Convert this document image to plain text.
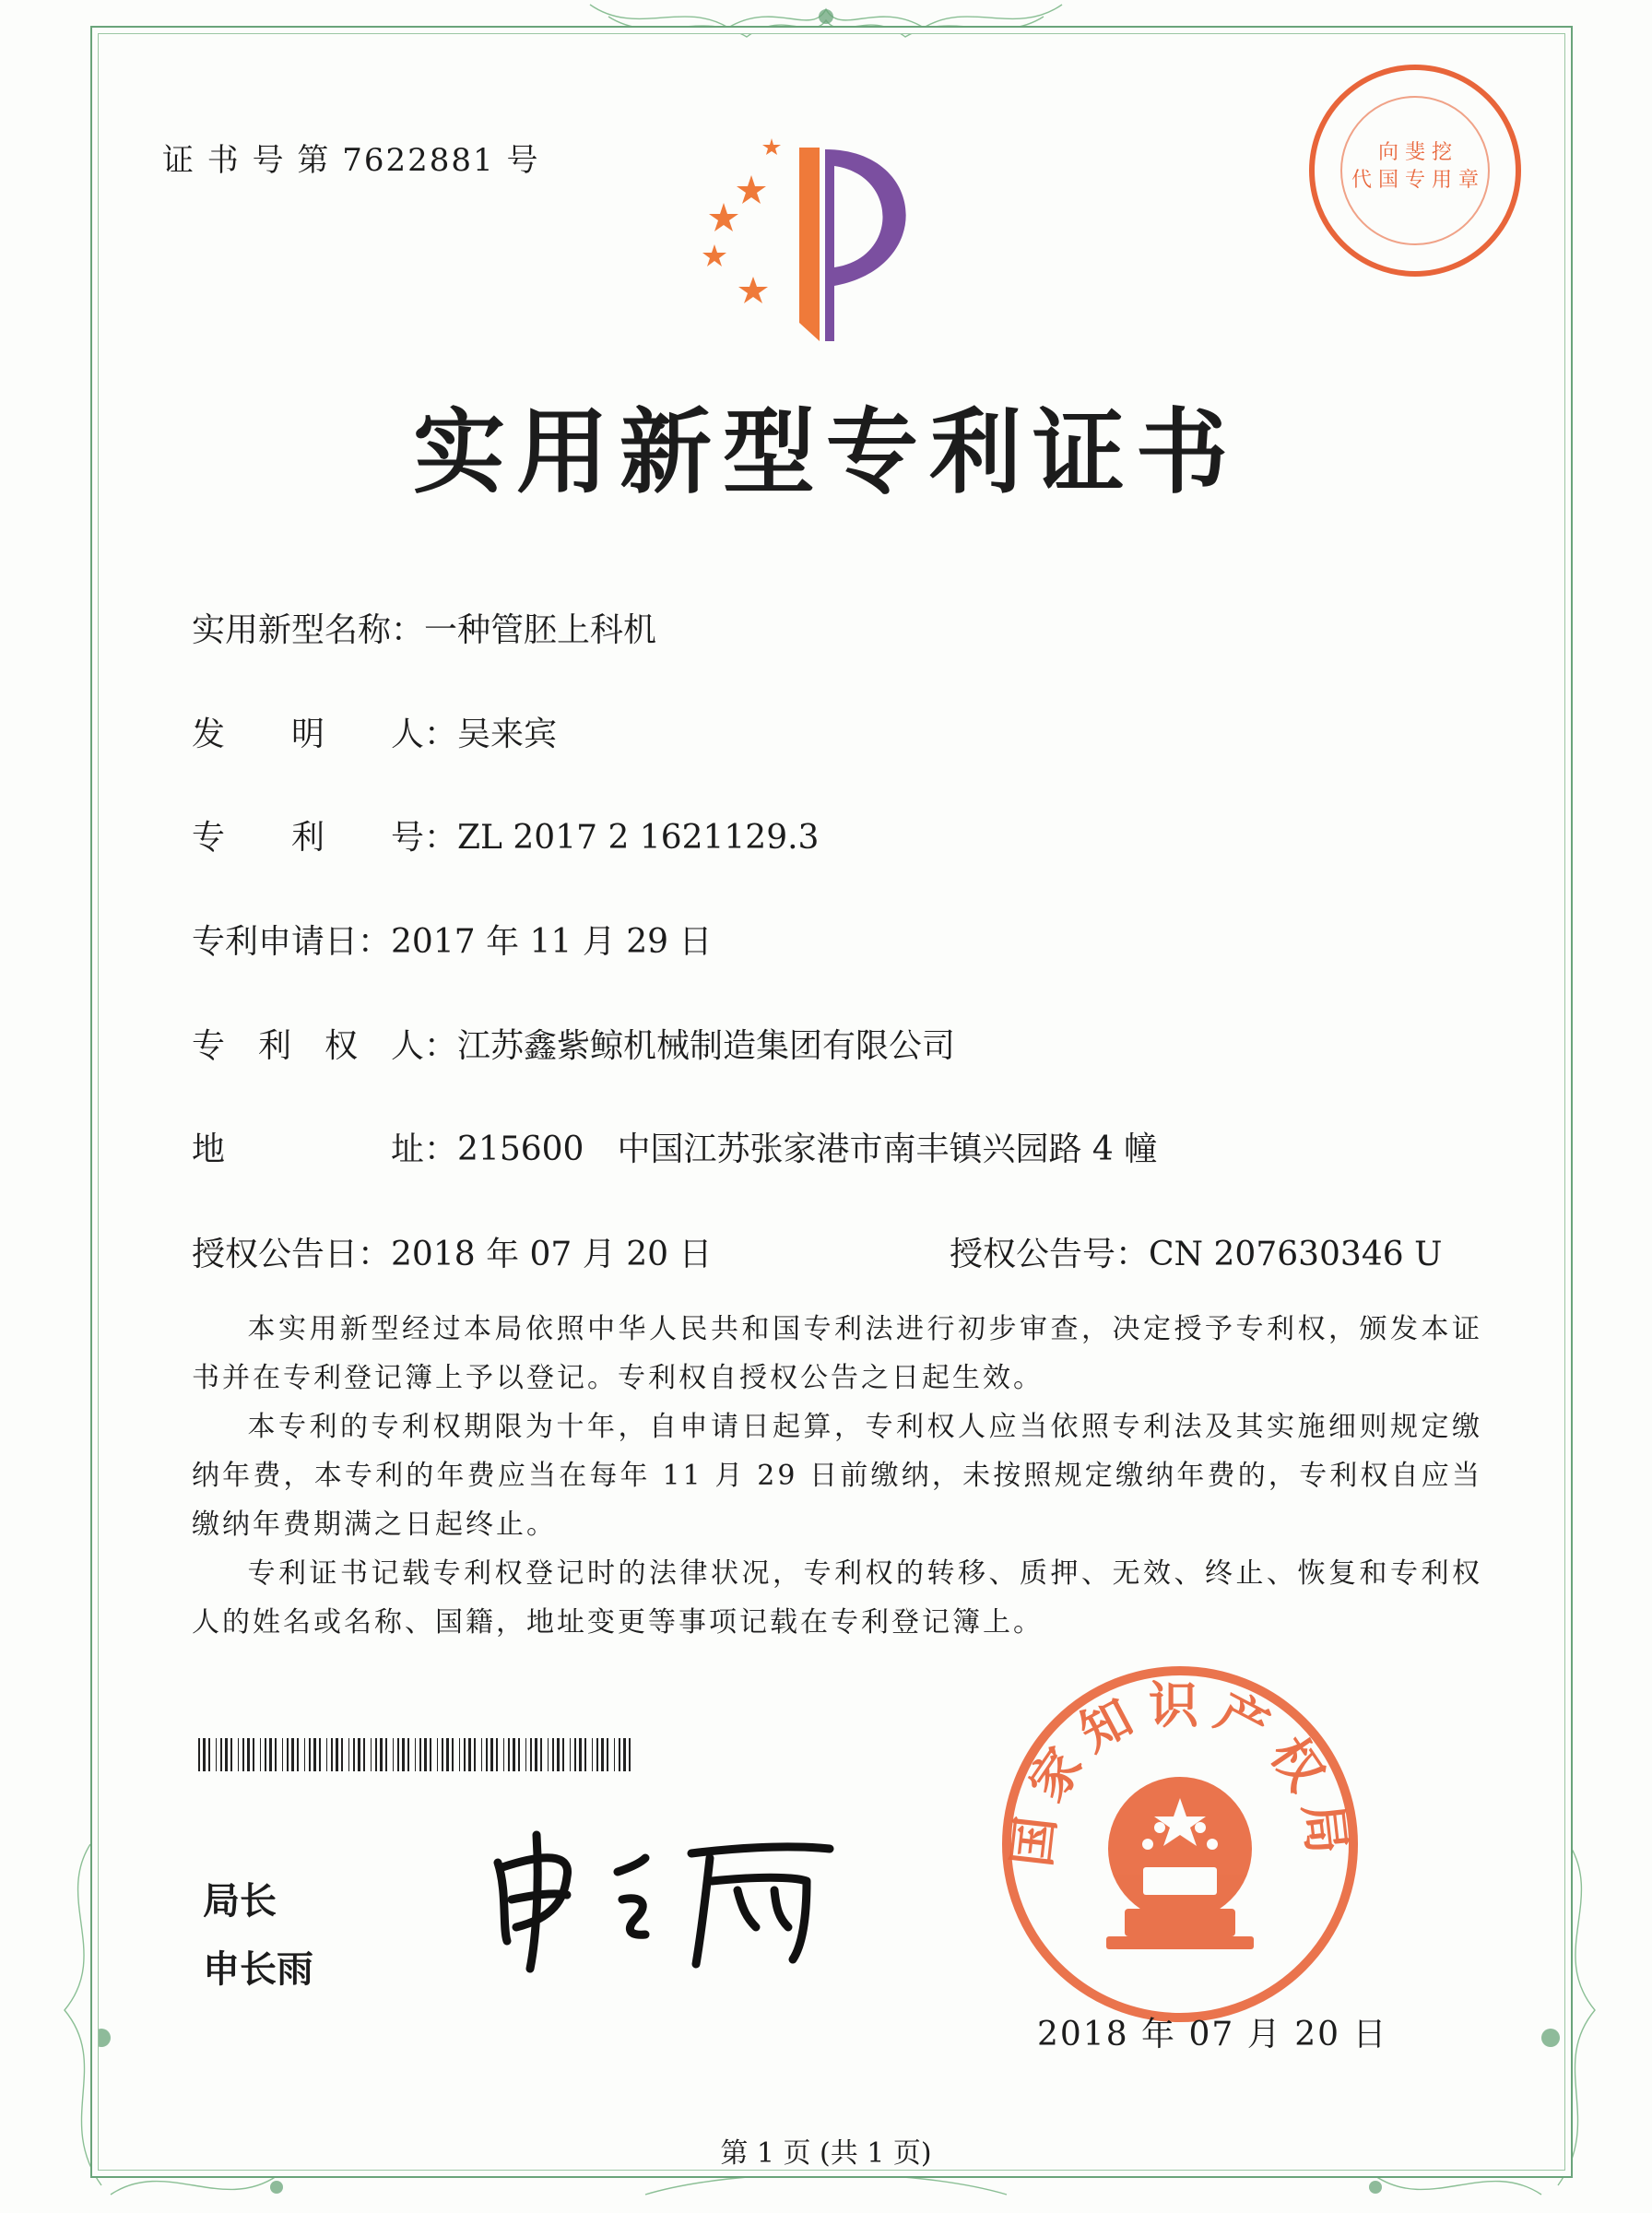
证 书 号 第 7622881 号	向 斐 挖
代 国 专 用 章
实用新型专利证书
实用新型名称：一种管胚上科机
发　　明　　人：吴来宾
专　　利　　号：ZL 2017 2 1621129.3
专利申请日：2017 年 11 月 29 日
专　利　权　人：江苏鑫紫鲸机械制造集团有限公司
地　　　　　址：215600　中国江苏张家港市南丰镇兴园路 4 幢
授权公告日：2018 年 07 月 20 日	授权公告号：CN 207630346 U
本实用新型经过本局依照中华人民共和国专利法进行初步审查，决定授予专利权，颁发本证书并在专利登记簿上予以登记。专利权自授权公告之日起生效。
本专利的专利权期限为十年，自申请日起算，专利权人应当依照专利法及其实施细则规定缴纳年费，本专利的年费应当在每年 11 月 29 日前缴纳，未按照规定缴纳年费的，专利权自应当缴纳年费期满之日起终止。
专利证书记载专利权登记时的法律状况，专利权的转移、质押、无效、终止、恢复和专利权人的姓名或名称、国籍，地址变更等事项记载在专利登记簿上。
局长
申长雨
国家知识产权局
2018 年 07 月 20 日
第 1 页 (共 1 页)
